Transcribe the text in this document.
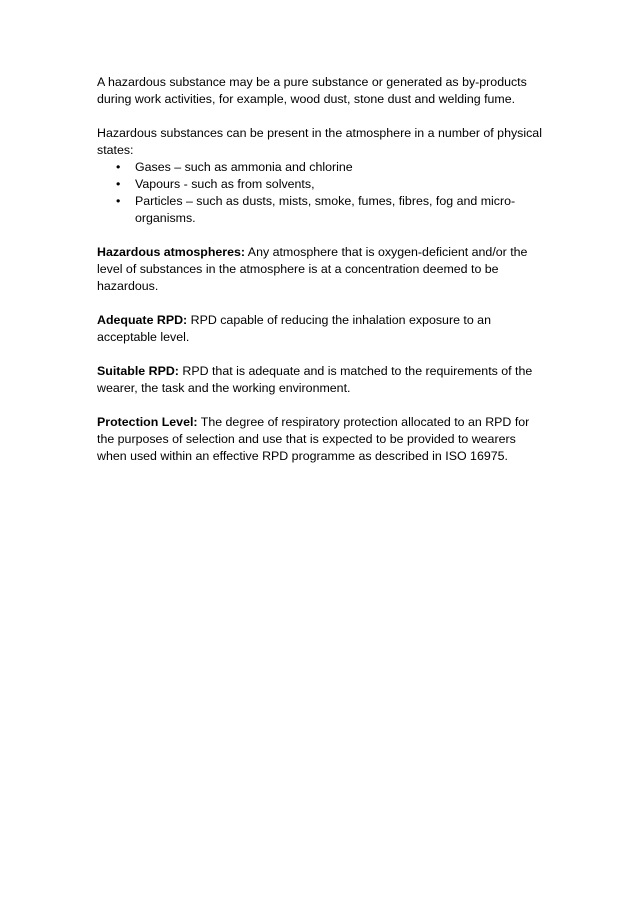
A hazardous substance may be a pure substance or generated as by-products during work activities, for example, wood dust, stone dust and welding fume.

Hazardous substances can be present in the atmosphere in a number of physical states:

• Gases – such as ammonia and chlorine
• Vapours - such as from solvents,
• Particles – such as dusts, mists, smoke, fumes, fibres, fog and micro-organisms.

Hazardous atmospheres: Any atmosphere that is oxygen-deficient and/or the level of substances in the atmosphere is at a concentration deemed to be hazardous.

Adequate RPD: RPD capable of reducing the inhalation exposure to an acceptable level.

Suitable RPD: RPD that is adequate and is matched to the requirements of the wearer, the task and the working environment.

Protection Level: The degree of respiratory protection allocated to an RPD for the purposes of selection and use that is expected to be provided to wearers when used within an effective RPD programme as described in ISO 16975.
